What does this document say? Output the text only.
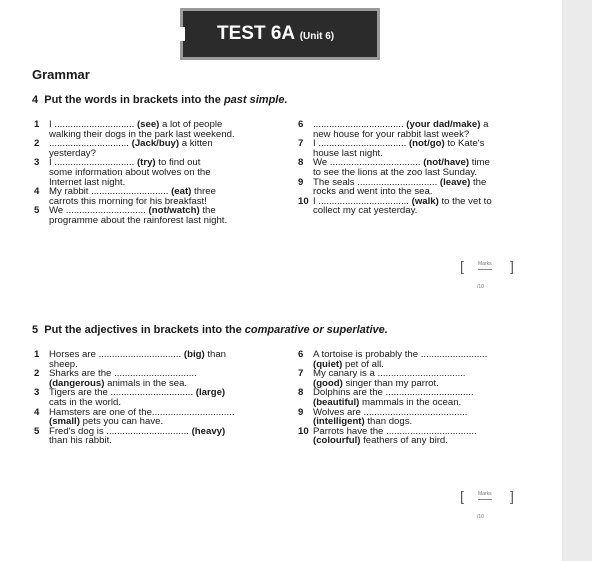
TEST 6A (Unit 6)
Grammar
4 Put the words in brackets into the past simple.
1 I .............................. (see) a lot of people
walking their dogs in the park last weekend.
2 .............................. (Jack/buy) a kitten
yesterday?
3 I .............................. (try) to find out
some information about wolves on the
Internet last night.
4 My rabbit ............................. (eat) three
carrots this morning for his breakfast!
5 We .............................. (not/watch) the
programme about the rainforest last night.
6 .................................. (your dad/make) a
new house for your rabbit last week?
7 I ................................. (not/go) to Kate's
house last night.
8 We .................................. (not/have) time
to see the lions at the zoo last Sunday.
9 The seals .............................. (leave) the
rocks and went into the sea.
10 I .................................. (walk) to the vet to
collect my cat yesterday.
[	Marks ]
/10
5 Put the adjectives in brackets into the comparative or superlative.
1 Horses are ............................... (big) than
sheep.
2 Sharks are the ...............................
(dangerous) animals in the sea.
3 Tigers are the ............................... (large)
cats in the world.
4 Hamsters are one of the...............................
(small) pets you can have.
5 Fred's dog is ............................... (heavy)
than his rabbit.
6 A tortoise is probably the .........................
(quiet) pet of all.
7 My canary is a .................................
(good) singer than my parrot.
8 Dolphins are the .................................
(beautiful) mammals in the ocean.
9 Wolves are .......................................
(intelligent) than dogs.
10 Parrots have the ..................................
(colourful) feathers of any bird.
[	Marks ]
/10
